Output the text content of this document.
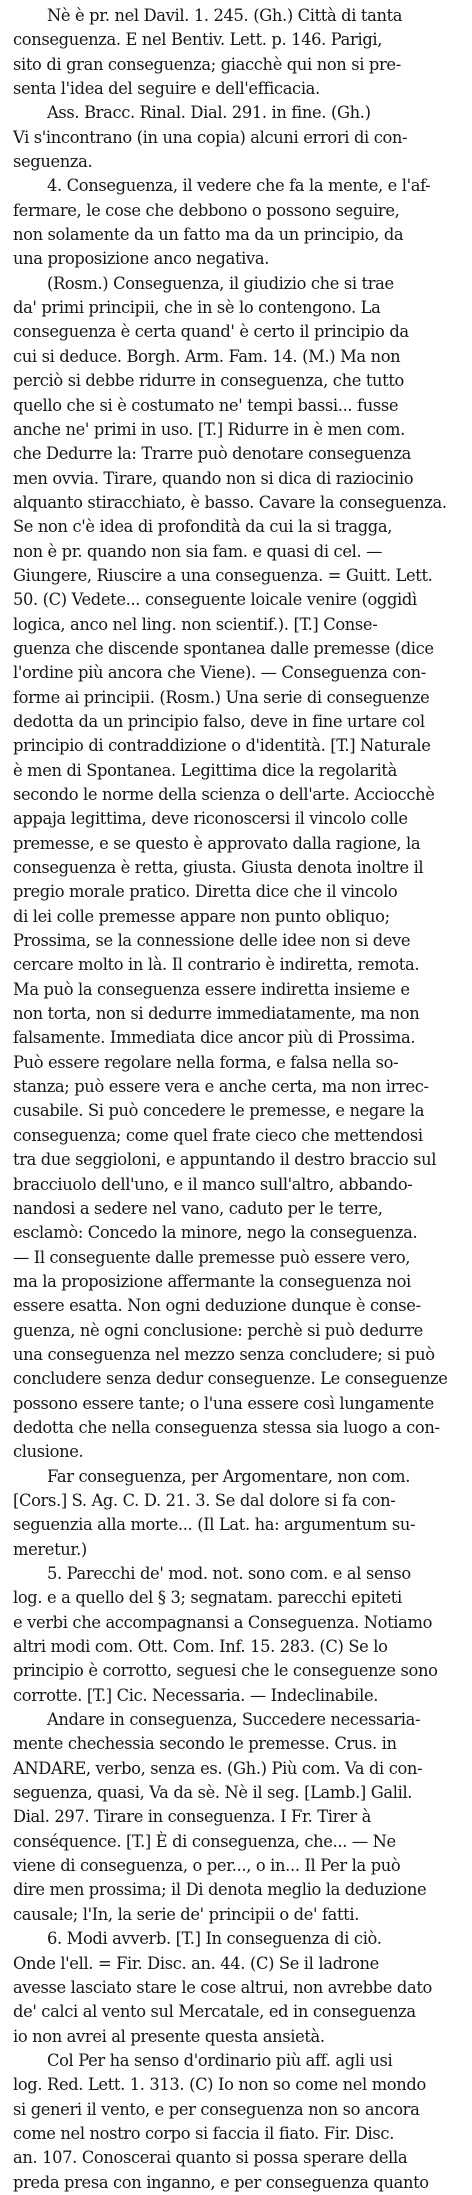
Nè è pr. nel Davil. 1. 245. (Gh.) Città di tanta
conseguenza. E nel Bentiv. Lett. p. 146. Parigi,
sito di gran conseguenza; giacchè qui non si pre-
senta l'idea del seguire e dell'efficacia.
Ass. Bracc. Rinal. Dial. 291. in fine. (Gh.)
Vi s'incontrano (in una copia) alcuni errori di con-
seguenza.
4. Conseguenza, il vedere che fa la mente, e l'af-
fermare, le cose che debbono o possono seguire,
non solamente da un fatto ma da un principio, da
una proposizione anco negativa.
(Rosm.) Conseguenza, il giudizio che si trae
da' primi principii, che in sè lo contengono. La
conseguenza è certa quand' è certo il principio da
cui si deduce. Borgh. Arm. Fam. 14. (M.) Ma non
perciò si debbe ridurre in conseguenza, che tutto
quello che si è costumato ne' tempi bassi... fusse
anche ne' primi in uso. [T.] Ridurre in è men com.
che Dedurre la: Trarre può denotare conseguenza
men ovvia. Tirare, quando non si dica di raziocinio
alquanto stiracchiato, è basso. Cavare la conseguenza.
Se non c'è idea di profondità da cui la si tragga,
non è pr. quando non sia fam. e quasi di cel. —
Giungere, Riuscire a una conseguenza. = Guitt. Lett.
50. (C) Vedete... conseguente loicale venire (oggidì
logica, anco nel ling. non scientif.). [T.] Conse-
guenza che discende spontanea dalle premesse (dice
l'ordine più ancora che Viene). — Conseguenza con-
forme ai principii. (Rosm.) Una serie di conseguenze
dedotta da un principio falso, deve in fine urtare col
principio di contraddizione o d'identità. [T.] Naturale
è men di Spontanea. Legittima dice la regolarità
secondo le norme della scienza o dell'arte. Acciocchè
appaja legittima, deve riconoscersi il vincolo colle
premesse, e se questo è approvato dalla ragione, la
conseguenza è retta, giusta. Giusta denota inoltre il
pregio morale pratico. Diretta dice che il vincolo
di lei colle premesse appare non punto obliquo;
Prossima, se la connessione delle idee non si deve
cercare molto in là. Il contrario è indiretta, remota.
Ma può la conseguenza essere indiretta insieme e
non torta, non si dedurre immediatamente, ma non
falsamente. Immediata dice ancor più di Prossima.
Può essere regolare nella forma, e falsa nella so-
stanza; può essere vera e anche certa, ma non irrec-
cusabile. Si può concedere le premesse, e negare la
conseguenza; come quel frate cieco che mettendosi
tra due seggioloni, e appuntando il destro braccio sul
bracciuolo dell'uno, e il manco sull'altro, abbando-
nandosi a sedere nel vano, caduto per le terre,
esclamò: Concedo la minore, nego la conseguenza.
— Il conseguente dalle premesse può essere vero,
ma la proposizione affermante la conseguenza noi
essere esatta. Non ogni deduzione dunque è conse-
guenza, nè ogni conclusione: perchè si può dedurre
una conseguenza nel mezzo senza concludere; si può
concludere senza dedur conseguenze. Le conseguenze
possono essere tante; o l'una essere così lungamente
dedotta che nella conseguenza stessa sia luogo a con-
clusione.
Far conseguenza, per Argomentare, non com.
[Cors.] S. Ag. C. D. 21. 3. Se dal dolore si fa con-
seguenzia alla morte... (Il Lat. ha: argumentum su-
meretur.)
5. Parecchi de' mod. not. sono com. e al senso
log. e a quello del § 3; segnatam. parecchi epiteti
e verbi che accompagnansi a Conseguenza. Notiamo
altri modi com. Ott. Com. Inf. 15. 283. (C) Se lo
principio è corrotto, seguesi che le conseguenze sono
corrotte. [T.] Cic. Necessaria. — Indeclinabile.
Andare in conseguenza, Succedere necessaria-
mente chechessia secondo le premesse. Crus. in
ANDARE, verbo, senza es. (Gh.) Più com. Va di con-
seguenza, quasi, Va da sè. Nè il seg. [Lamb.] Galil.
Dial. 297. Tirare in conseguenza. I Fr. Tirer à
conséquence. [T.] È di conseguenza, che... — Ne
viene di conseguenza, o per..., o in... Il Per la può
dire men prossima; il Di denota meglio la deduzione
causale; l'In, la serie de' principii o de' fatti.
6. Modi avverb. [T.] In conseguenza di ciò.
Onde l'ell. = Fir. Disc. an. 44. (C) Se il ladrone
avesse lasciato stare le cose altrui, non avrebbe dato
de' calci al vento sul Mercatale, ed in conseguenza
io non avrei al presente questa ansietà.
Col Per ha senso d'ordinario più aff. agli usi
log. Red. Lett. 1. 313. (C) Io non so come nel mondo
si generi il vento, e per conseguenza non so ancora
come nel nostro corpo si faccia il fiato. Fir. Disc.
an. 107. Conoscerai quanto si possa sperare della
preda presa con inganno, e per conseguenza quanto
